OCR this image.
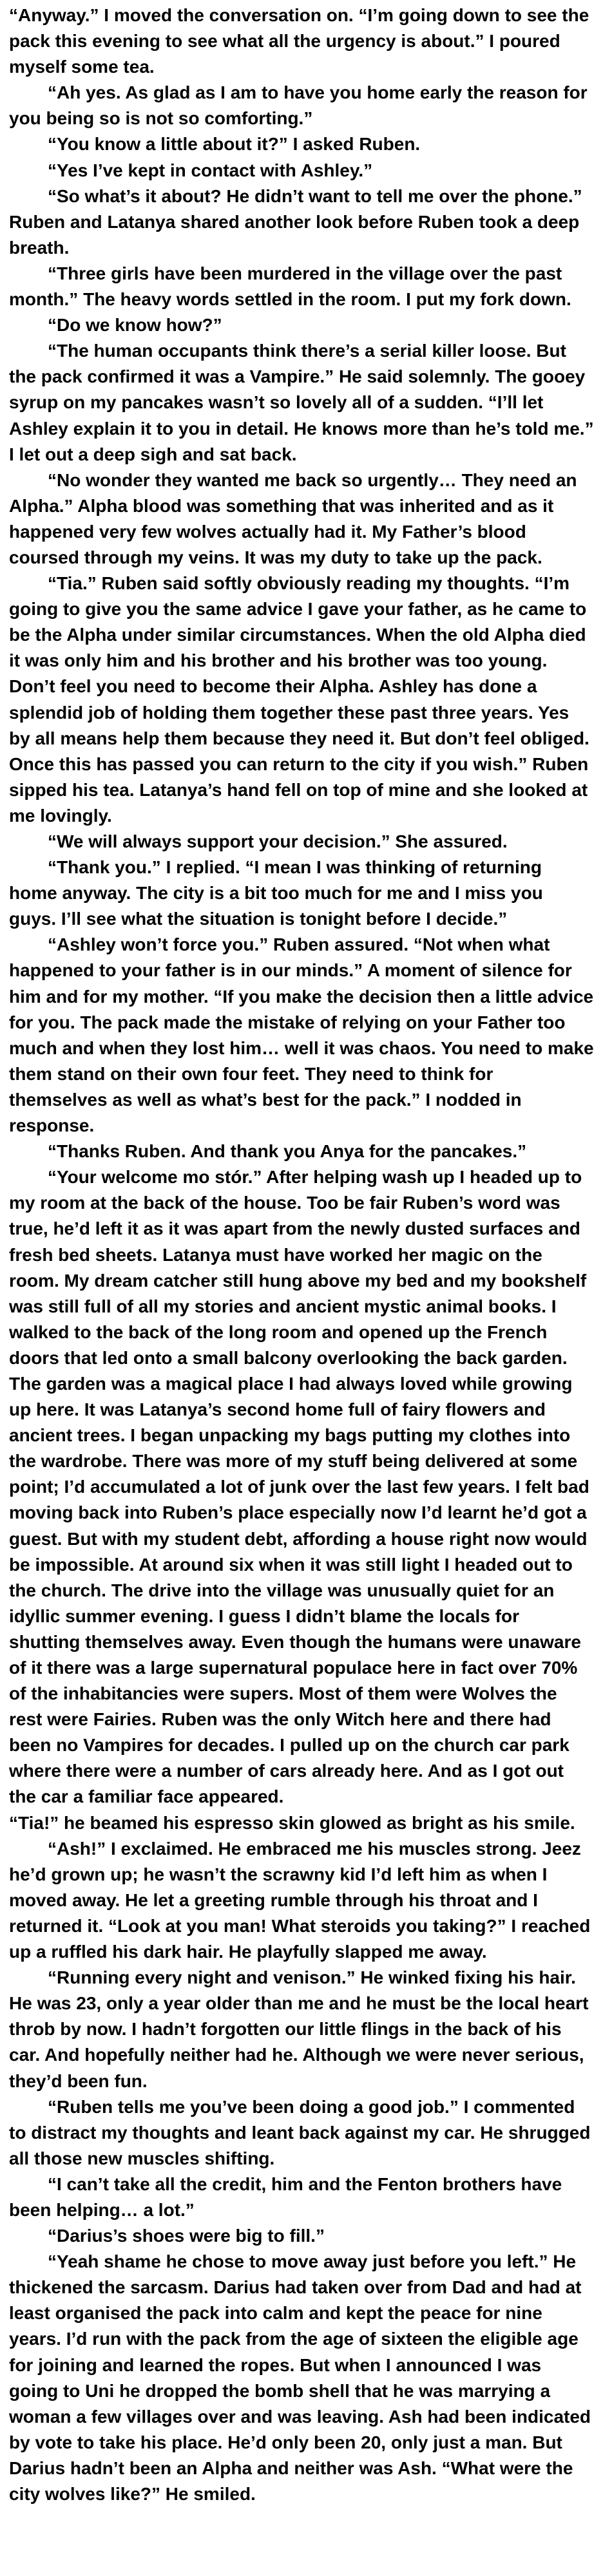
“Anyway.” I moved the conversation on. “I’m going down to see the pack this evening to see what all the urgency is about.” I poured myself some tea.

“Ah yes. As glad as I am to have you home early the reason for you being so is not so comforting.”

“You know a little about it?” I asked Ruben.

“Yes I’ve kept in contact with Ashley.”

“So what’s it about? He didn’t want to tell me over the phone.” Ruben and Latanya shared another look before Ruben took a deep breath.

“Three girls have been murdered in the village over the past month.” The heavy words settled in the room. I put my fork down.

“Do we know how?”

“The human occupants think there’s a serial killer loose. But the pack confirmed it was a Vampire.” He said solemnly. The gooey syrup on my pancakes wasn’t so lovely all of a sudden. “I’ll let Ashley explain it to you in detail. He knows more than he’s told me.” I let out a deep sigh and sat back.

“No wonder they wanted me back so urgently… They need an Alpha.” Alpha blood was something that was inherited and as it happened very few wolves actually had it. My Father’s blood coursed through my veins. It was my duty to take up the pack.

“Tia.” Ruben said softly obviously reading my thoughts. “I’m going to give you the same advice I gave your father, as he came to be the Alpha under similar circumstances. When the old Alpha died it was only him and his brother and his brother was too young. Don’t feel you need to become their Alpha. Ashley has done a splendid job of holding them together these past three years. Yes by all means help them because they need it. But don’t feel obliged. Once this has passed you can return to the city if you wish.” Ruben sipped his tea. Latanya’s hand fell on top of mine and she looked at me lovingly.

“We will always support your decision.” She assured.

“Thank you.” I replied. “I mean I was thinking of returning home anyway. The city is a bit too much for me and I miss you guys. I’ll see what the situation is tonight before I decide.”

“Ashley won’t force you.” Ruben assured. “Not when what happened to your father is in our minds.” A moment of silence for him and for my mother. “If you make the decision then a little advice for you. The pack made the mistake of relying on your Father too much and when they lost him… well it was chaos. You need to make them stand on their own four feet. They need to think for themselves as well as what’s best for the pack.” I nodded in response.

“Thanks Ruben. And thank you Anya for the pancakes.”

“Your welcome mo stór.” After helping wash up I headed up to my room at the back of the house. Too be fair Ruben’s word was true, he’d left it as it was apart from the newly dusted surfaces and fresh bed sheets. Latanya must have worked her magic on the room. My dream catcher still hung above my bed and my bookshelf was still full of all my stories and ancient mystic animal books. I walked to the back of the long room and opened up the French doors that led onto a small balcony overlooking the back garden. The garden was a magical place I had always loved while growing up here. It was Latanya’s second home full of fairy flowers and ancient trees. I began unpacking my bags putting my clothes into the wardrobe. There was more of my stuff being delivered at some point; I’d accumulated a lot of junk over the last few years. I felt bad moving back into Ruben’s place especially now I’d learnt he’d got a guest. But with my student debt, affording a house right now would be impossible. At around six when it was still light I headed out to the church. The drive into the village was unusually quiet for an idyllic summer evening. I guess I didn’t blame the locals for shutting themselves away. Even though the humans were unaware of it there was a large supernatural populace here in fact over 70% of the inhabitancies were supers. Most of them were Wolves the rest were Fairies. Ruben was the only Witch here and there had been no Vampires for decades. I pulled up on the church car park where there were a number of cars already here. And as I got out the car a familiar face appeared.

“Tia!” he beamed his espresso skin glowed as bright as his smile.

“Ash!” I exclaimed. He embraced me his muscles strong. Jeez he’d grown up; he wasn’t the scrawny kid I’d left him as when I moved away. He let a greeting rumble through his throat and I returned it. “Look at you man! What steroids you taking?” I reached up a ruffled his dark hair. He playfully slapped me away.

“Running every night and venison.” He winked fixing his hair. He was 23, only a year older than me and he must be the local heart throb by now. I hadn’t forgotten our little flings in the back of his car. And hopefully neither had he. Although we were never serious, they’d been fun.

“Ruben tells me you’ve been doing a good job.” I commented to distract my thoughts and leant back against my car. He shrugged all those new muscles shifting.

“I can’t take all the credit, him and the Fenton brothers have been helping… a lot.”

“Darius’s shoes were big to fill.”

“Yeah shame he chose to move away just before you left.” He thickened the sarcasm. Darius had taken over from Dad and had at least organised the pack into calm and kept the peace for nine years. I’d run with the pack from the age of sixteen the eligible age for joining and learned the ropes. But when I announced I was going to Uni he dropped the bomb shell that he was marrying a woman a few villages over and was leaving. Ash had been indicated by vote to take his place. He’d only been 20, only just a man. But Darius hadn’t been an Alpha and neither was Ash. “What were the city wolves like?” He smiled.
